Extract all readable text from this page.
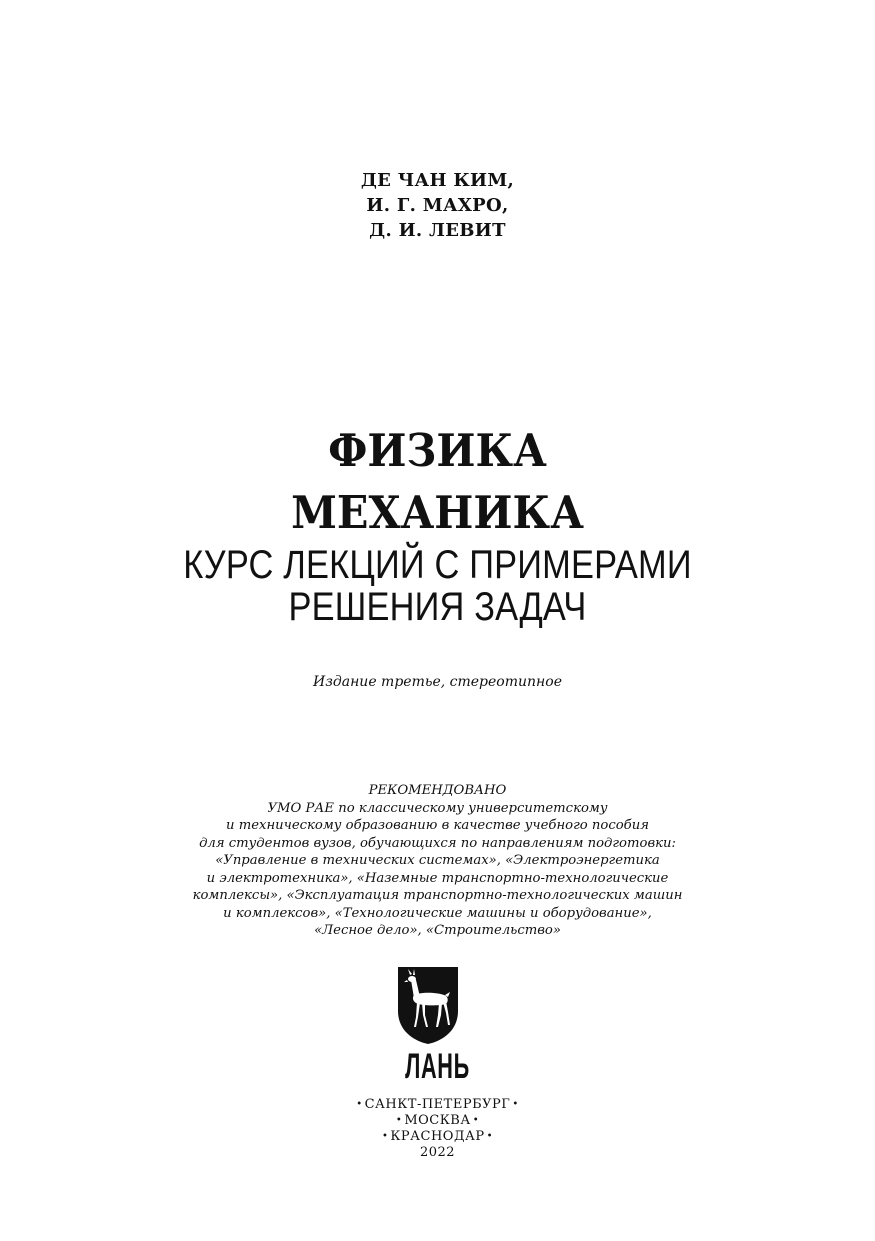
ДЕ ЧАН КИМ,
И. Г. МАХРО,
Д. И. ЛЕВИТ
ФИЗИКА
МЕХАНИКА
КУРС ЛЕКЦИЙ С ПРИМЕРАМИ
РЕШЕНИЯ ЗАДАЧ
Издание третье, стереотипное
РЕКОМЕНДОВАНО
УМО РАЕ по классическому университетскому
и техническому образованию в качестве учебного пособия
для студентов вузов, обучающихся по направлениям подготовки:
«Управление в технических системах», «Электроэнергетика
и электротехника», «Наземные транспортно-технологические
комплексы», «Эксплуатация транспортно-технологических машин
и комплексов», «Технологические машины и оборудование»,
«Лесное дело», «Строительство»
ЛАНЬ
• САНКТ-ПЕТЕРБУРГ •
• МОСКВА •
• КРАСНОДАР •
2022
